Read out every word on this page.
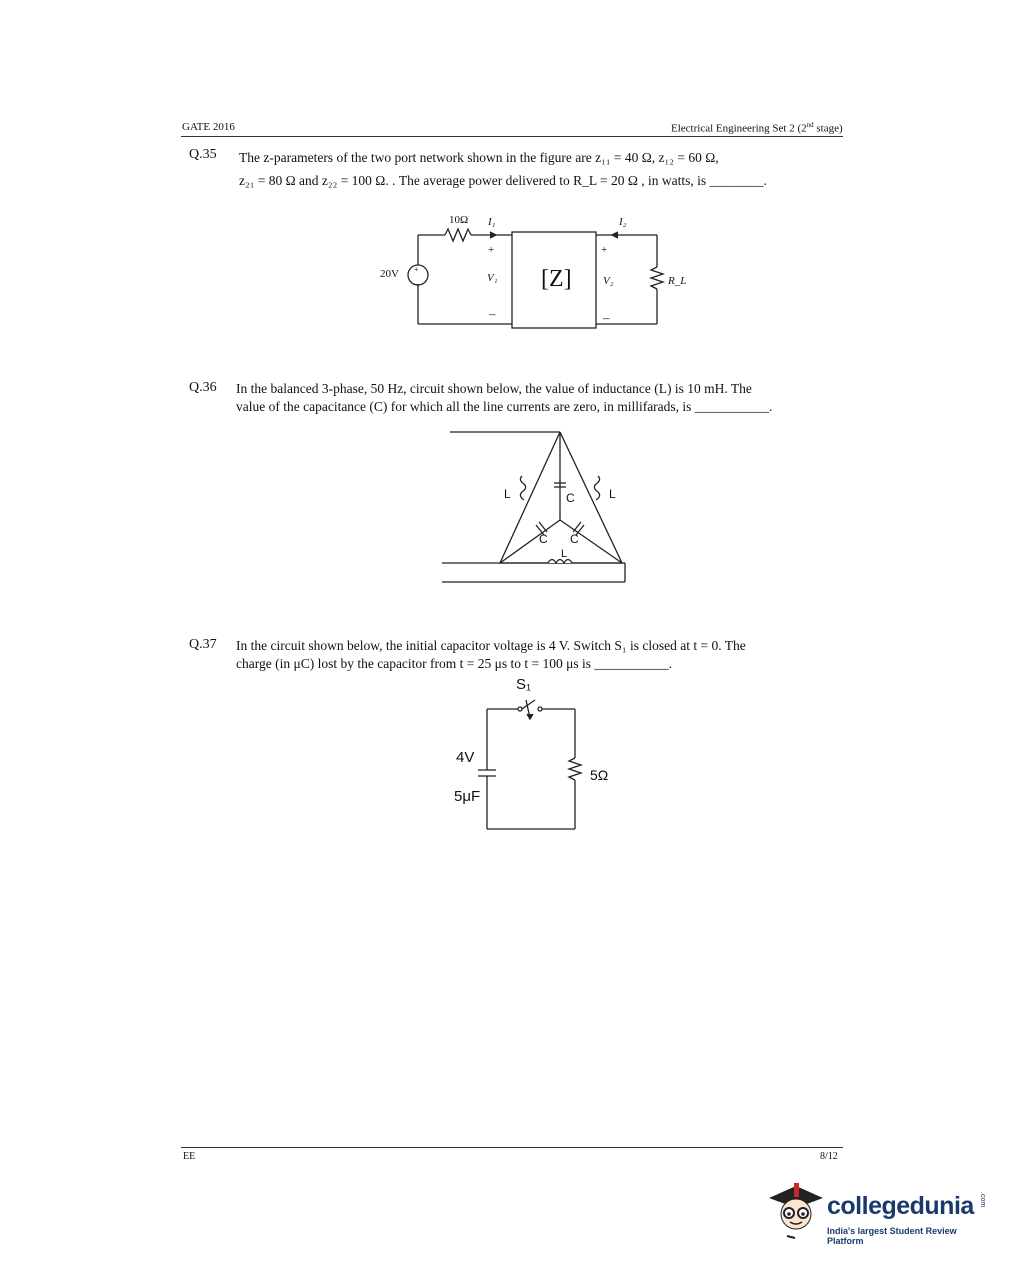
GATE 2016	Electrical Engineering Set 2 (2nd stage)
Q.35 The z-parameters of the two port network shown in the figure are z₁₁ = 40 Ω, z₁₂ = 60 Ω,
z₂₁ = 80 Ω and z₂₂ = 100 Ω. . The average power delivered to R_L = 20 Ω , in watts, is ________.
10Ω I₁	I₂
+	+
V₁	V₂
–	–
[Z]
20V +
–	R_L
Q.36 In the balanced 3-phase, 50 Hz, circuit shown below, the value of inductance (L) is 10 mH. The
value of the capacitance (C) for which all the line currents are zero, in millifarads, is ___________.
L	L
C
C C
L
Q.37 In the circuit shown below, the initial capacitor voltage is 4 V. Switch S₁ is closed at t = 0. The
charge (in μC) lost by the capacitor from t = 25 μs to t = 100 μs is ___________.
S₁
4V
5μF
5Ω
EE	8/12
collegedunia .com
India's largest Student Review Platform
